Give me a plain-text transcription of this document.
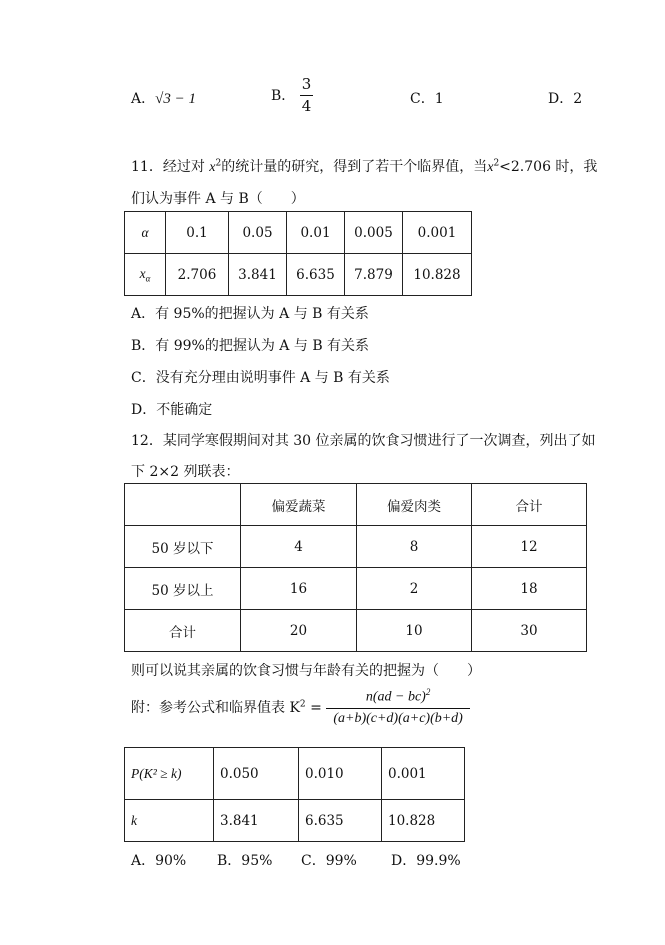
A．√3 − 1	B． $\frac{3}{4}$	C．1	D．2
11．经过对 $x^2$的统计量的研究，得到了若干个临界值，当$x^2<2.706$ 时，我
们认为事件 A 与 B（　　）
α	0.1	0.05	0.01	0.005	0.001
$x_\alpha$	2.706	3.841	6.635	7.879	10.828
A．有 95%的把握认为 A 与 B 有关系
B．有 99%的把握认为 A 与 B 有关系
C．没有充分理由说明事件 A 与 B 有关系
D．不能确定
12．某同学寒假期间对其 30 位亲属的饮食习惯进行了一次调查，列出了如
下 2×2 列联表：
	偏爱蔬菜	偏爱肉类	合计
50 岁以下	4	8	12
50 岁以上	16	2	18
合计	20	10	30
则可以说其亲属的饮食习惯与年龄有关的把握为（　　）
附：参考公式和临界值表 $K^2 = \frac{n(ad - bc)^2}{(a+b)(c+d)(a+c)(b+d)}$
P(K² ≥ k)	0.050	0.010	0.001
k	3.841	6.635	10.828
A．90% B．95% C．99% D．99.9%
